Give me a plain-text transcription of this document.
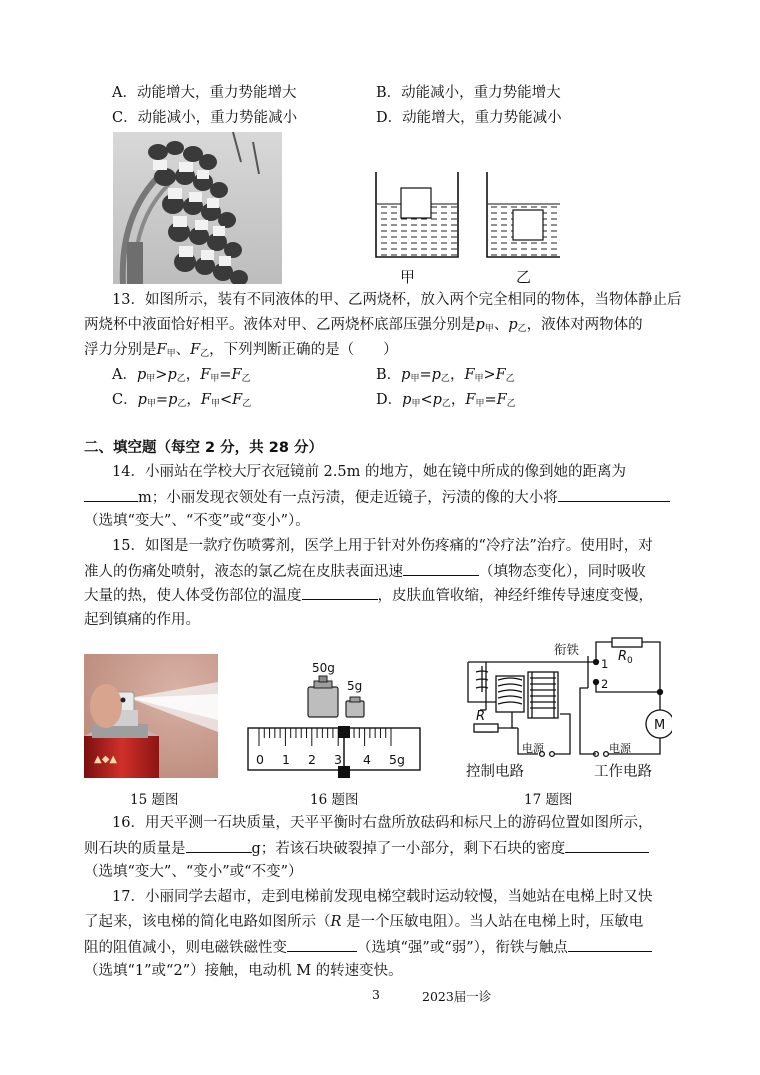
A．动能增大，重力势能增大	B．动能减小，重力势能增大
C．动能减小，重力势能减小	D．动能增大，重力势能减小
甲	乙
13．如图所示，装有不同液体的甲、乙两烧杯，放入两个完全相同的物体，当物体静止后
两烧杯中液面恰好相平。液体对甲、乙两烧杯底部压强分别是$p_甲$、$p_乙$，液体对两物体的
浮力分别是$F_甲$、$F_乙$，下列判断正确的是（　　）
A．$p_甲>p_乙$，$F_甲=F_乙$	B．$p_甲=p_乙$，$F_甲>F_乙$
C．$p_甲=p_乙$，$F_甲<F_乙$	D．$p_甲<p_乙$，$F_甲=F_乙$
二、填空题（每空 2 分，共 28 分）
14．小丽站在学校大厅衣冠镜前 2.5m 的地方，她在镜中所成的像到她的距离为
m；小丽发现衣领处有一点污渍，便走近镜子，污渍的像的大小将
（选填“变大”、“不变”或“变小”）。
15．如图是一款疗伤喷雾剂，医学上用于针对外伤疼痛的“冷疗法”治疗。使用时，对
准人的伤痛处喷射，液态的氯乙烷在皮肤表面迅速	（填物态变化），同时吸收
大量的热，使人体受伤部位的温度	，皮肤血管收缩，神经纤维传导速度变慢，
起到镇痛的作用。
▲◆▲
50g
5g
0 1 2 3 4 5g
衔铁
1
2
R 0
R
M
电源	电源
控制电路	工作电路
15 题图	16 题图	17 题图
16．用天平测一石块质量，天平平衡时右盘所放砝码和标尺上的游码位置如图所示，
则石块的质量是	g；若该石块破裂掉了一小部分，剩下石块的密度
（选填“变大”、“变小”或“不变”）
17．小丽同学去超市，走到电梯前发现电梯空载时运动较慢，当她站在电梯上时又快
了起来，该电梯的简化电路如图所示（R 是一个压敏电阻）。当人站在电梯上时，压敏电
阻的阻值减小，则电磁铁磁性变	（选填“强”或“弱”），衔铁与触点
（选填“1”或“2”）接触，电动机 M 的转速变快。
3	2023届一诊
